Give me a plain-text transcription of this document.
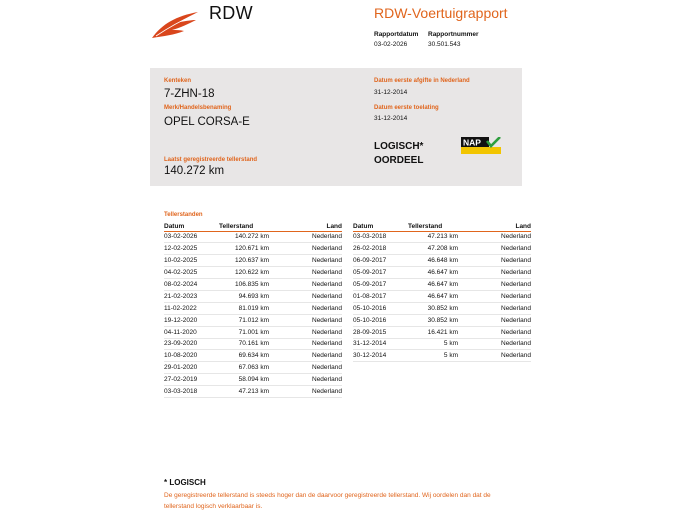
RDW	RDW-Voertuigrapport
Rapportdatum
03-02-2026
Rapportnummer
30.501.543
Kenteken
7-ZHN-18
Merk/Handelsbenaming
OPEL CORSA-E
Laatst geregistreerde tellerstand
140.272 km
Datum eerste afgifte in Nederland
31-12-2014
Datum eerste toelating
31-12-2014
LOGISCH*
OORDEEL
NAP
Tellerstanden
Datum	Tellerstand	Land
03-02-2026	140.272 km	Nederland
12-02-2025	120.671 km	Nederland
10-02-2025	120.637 km	Nederland
04-02-2025	120.622 km	Nederland
08-02-2024	106.835 km	Nederland
21-02-2023	94.693 km	Nederland
11-02-2022	81.019 km	Nederland
19-12-2020	71.012 km	Nederland
04-11-2020	71.001 km	Nederland
23-09-2020	70.161 km	Nederland
10-08-2020	69.634 km	Nederland
29-01-2020	67.063 km	Nederland
27-02-2019	58.094 km	Nederland
03-03-2018	47.213 km	Nederland
Datum	Tellerstand	Land
03-03-2018	47.213 km	Nederland
26-02-2018	47.208 km	Nederland
06-09-2017	46.648 km	Nederland
05-09-2017	46.647 km	Nederland
05-09-2017	46.647 km	Nederland
01-08-2017	46.647 km	Nederland
05-10-2016	30.852 km	Nederland
05-10-2016	30.852 km	Nederland
28-09-2015	16.421 km	Nederland
31-12-2014	5 km	Nederland
30-12-2014	5 km	Nederland
* LOGISCH
De geregistreerde tellerstand is steeds hoger dan de daarvoor geregistreerde tellerstand. Wij oordelen dan dat de tellerstand logisch verklaarbaar is.
